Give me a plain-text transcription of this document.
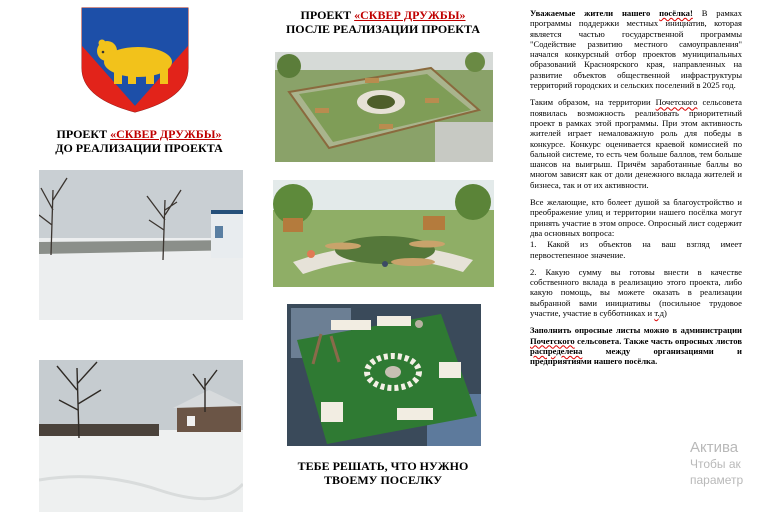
ПРОЕКТ «СКВЕР ДРУЖБЫ»
ДО РЕАЛИЗАЦИИ ПРОЕКТА
ПРОЕКТ «СКВЕР ДРУЖБЫ»
ПОСЛЕ РЕАЛИЗАЦИИ ПРОЕКТА
ТЕБЕ РЕШАТЬ, ЧТО НУЖНО
ТВОЕМУ ПОСЕЛКУ

Уважаемые жители нашего посёлка! В рамках программы поддержки местных инициатив, которая является частью государственной программы "Содействие развитию местного самоуправления" начался конкурсный отбор проектов муниципальных образований Красноярского края, направленных на развитие объектов общественной инфраструктуры территорий городских и сельских поселений в 2025 год.

Таким образом, на территории Почетского сельсовета появилась возможность реализовать приоритетный проект в рамках этой программы. При этом активность жителей играет немаловажную роль для победы в конкурсе. Конкурс оценивается краевой комиссией по бальной системе, то есть чем больше баллов, тем больше шансов на выигрыш. Причём заработанные баллы во многом зависят как от доли денежного вклада жителей и бизнеса, так и от их активности.

Все желающие, кто болеет душой за благоустройство и преображение улиц и территории нашего посёлка могут принять участие в этом опросе. Опросный лист содержит два основных вопроса:

1. Какой из объектов на ваш взгляд имеет первостепенное значение.

2. Какую сумму вы готовы внести в качестве собственного вклада в реализацию этого проекта, либо какую помощь, вы можете оказать в реализации выбранной вами инициативы (посильное трудовое участие, участие в субботниках и т.д)

Заполнить опросные листы можно в администрации Почетского сельсовета. Также часть опросных листов распределена между организациями и предприятиями нашего посёлка.

Актива
Чтобы ак
параметр
